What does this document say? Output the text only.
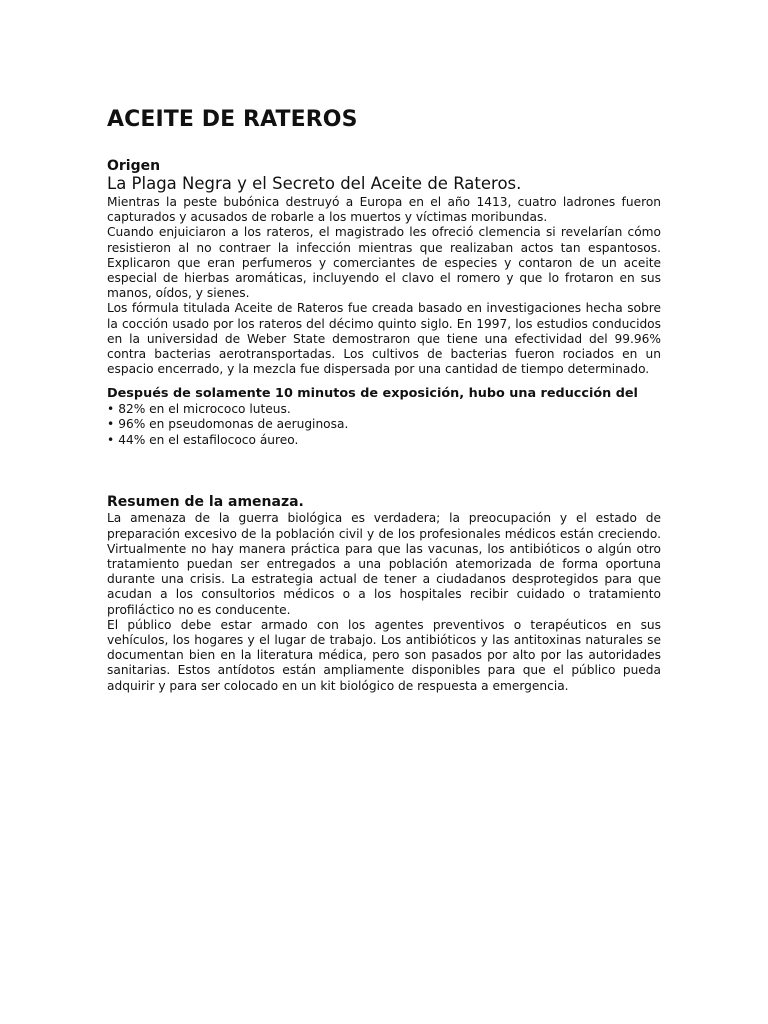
ACEITE DE RATEROS

Origen

La Plaga Negra y el Secreto del Aceite de Rateros.

Mientras la peste bubónica destruyó a Europa en el año 1413, cuatro ladrones fueron capturados y acusados de robarle a los muertos y víctimas moribundas.

Cuando enjuiciaron a los rateros, el magistrado les ofreció clemencia si revelarían cómo resistieron al no contraer la infección mientras que realizaban actos tan espantosos. Explicaron que eran perfumeros y comerciantes de especies y contaron de un aceite especial de hierbas aromáticas, incluyendo el clavo el romero y que lo frotaron en sus manos, oídos, y sienes.

Los fórmula titulada Aceite de Rateros fue creada basado en investigaciones hecha sobre la cocción usado por los rateros del décimo quinto siglo. En 1997, los estudios conducidos en la universidad de Weber State demostraron que tiene una efectividad del 99.96% contra bacterias aerotransportadas. Los cultivos de bacterias fueron rociados en un espacio encerrado, y la mezcla fue dispersada por una cantidad de tiempo determinado.

Después de solamente 10 minutos de exposición, hubo una reducción del

• 82% en el micrococo luteus.
• 96% en pseudomonas de aeruginosa.
• 44% en el estafilococo áureo.

Resumen de la amenaza.

La amenaza de la guerra biológica es verdadera; la preocupación y el estado de preparación excesivo de la población civil y de los profesionales médicos están creciendo. Virtualmente no hay manera práctica para que las vacunas, los antibióticos o algún otro tratamiento puedan ser entregados a una población atemorizada de forma oportuna durante una crisis. La estrategia actual de tener a ciudadanos desprotegidos para que acudan a los consultorios médicos o a los hospitales recibir cuidado o tratamiento profiláctico no es conducente.

El público debe estar armado con los agentes preventivos o terapéuticos en sus vehículos, los hogares y el lugar de trabajo. Los antibióticos y las antitoxinas naturales se documentan bien en la literatura médica, pero son pasados por alto por las autoridades sanitarias. Estos antídotos están ampliamente disponibles para que el público pueda adquirir y para ser colocado en un kit biológico de respuesta a emergencia.
